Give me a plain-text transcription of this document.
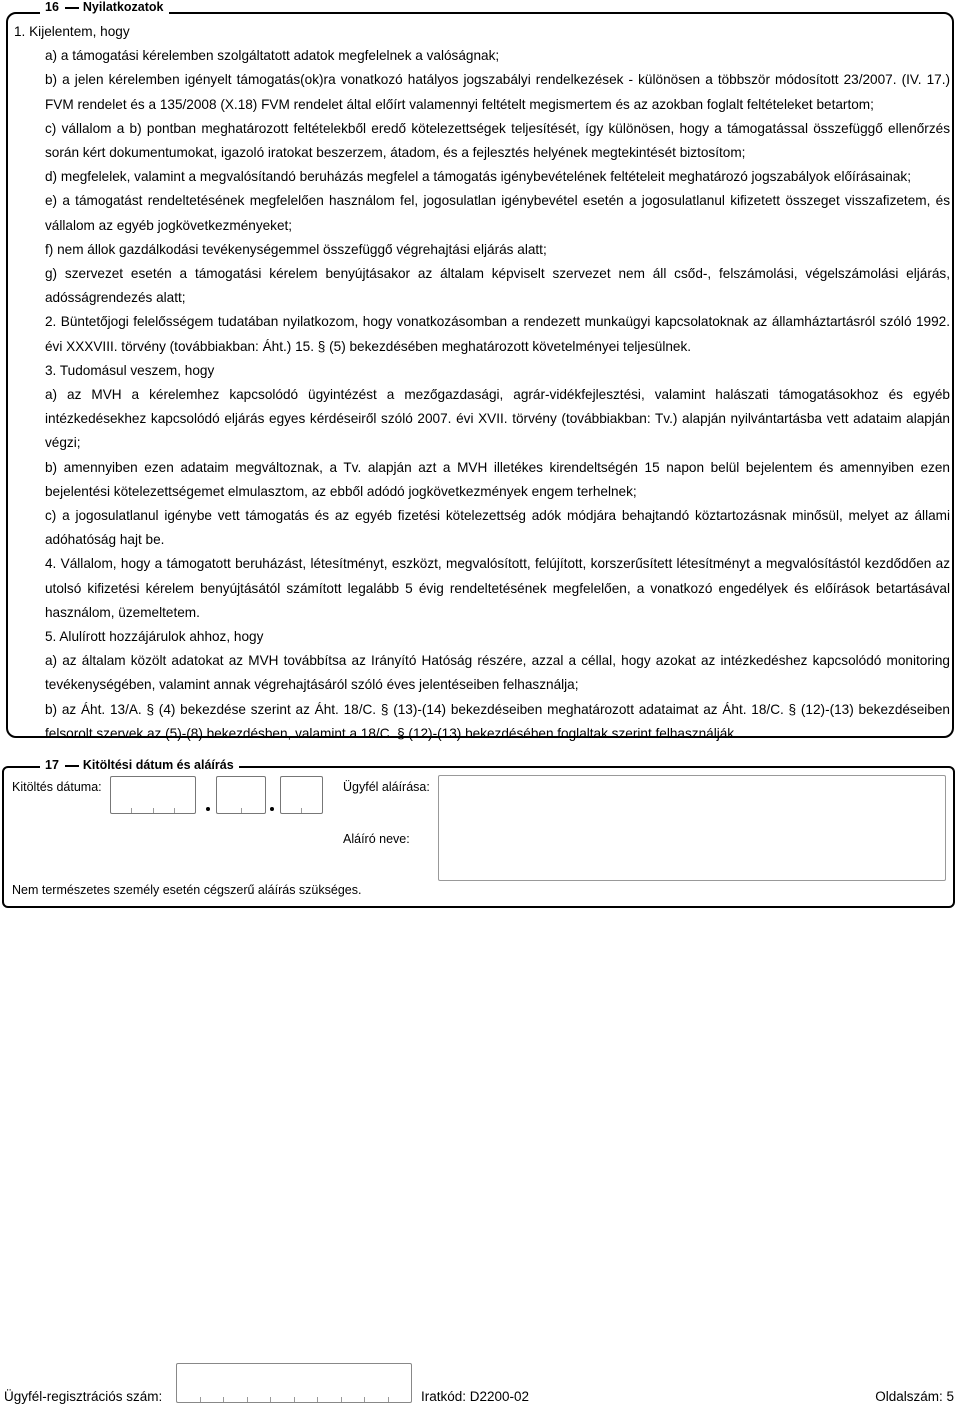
16 Nyilatkozatok

1. Kijelentem, hogy

a) a támogatási kérelemben szolgáltatott adatok megfelelnek a valóságnak;

b) a jelen kérelemben igényelt támogatás(ok)ra vonatkozó hatályos jogszabályi rendelkezések - különösen a többször módosított 23/2007. (IV. 17.) FVM rendelet és a 135/2008 (X.18) FVM rendelet által előírt valamennyi feltételt megismertem és az azokban foglalt feltételeket betartom;

c) vállalom a b) pontban meghatározott feltételekből eredő kötelezettségek teljesítését, így különösen, hogy a támogatással összefüggő ellenőrzés során kért dokumentumokat, igazoló iratokat beszerzem, átadom, és a fejlesztés helyének megtekintését biztosítom;

d) megfelelek, valamint a megvalósítandó beruházás megfelel a támogatás igénybevételének feltételeit meghatározó jogszabályok előírásainak;

e) a támogatást rendeltetésének megfelelően használom fel, jogosulatlan igénybevétel esetén a jogosulatlanul kifizetett összeget visszafizetem, és vállalom az egyéb jogkövetkezményeket;

f) nem állok gazdálkodási tevékenységemmel összefüggő végrehajtási eljárás alatt;

g) szervezet esetén a támogatási kérelem benyújtásakor az általam képviselt szervezet nem áll csőd-, felszámolási, végelszámolási eljárás, adósságrendezés alatt;

2. Büntetőjogi felelősségem tudatában nyilatkozom, hogy vonatkozásomban a rendezett munkaügyi kapcsolatoknak az államháztartásról szóló 1992. évi XXXVIII. törvény (továbbiakban: Áht.) 15. § (5) bekezdésében meghatározott követelményei teljesülnek.

3. Tudomásul veszem, hogy

a) az MVH a kérelemhez kapcsolódó ügyintézést a mezőgazdasági, agrár-vidékfejlesztési, valamint halászati támogatásokhoz és egyéb intézkedésekhez kapcsolódó eljárás egyes kérdéseiről szóló 2007. évi XVII. törvény (továbbiakban: Tv.) alapján nyilvántartásba vett adataim alapján végzi;

b) amennyiben ezen adataim megváltoznak, a Tv. alapján azt a MVH illetékes kirendeltségén 15 napon belül bejelentem és amennyiben ezen bejelentési kötelezettségemet elmulasztom, az ebből adódó jogkövetkezmények engem terhelnek;

c) a jogosulatlanul igénybe vett támogatás és az egyéb fizetési kötelezettség adók módjára behajtandó köztartozásnak minősül, melyet az állami adóhatóság hajt be.

4. Vállalom, hogy a támogatott beruházást, létesítményt, eszközt, megvalósított, felújított, korszerűsített létesítményt a megvalósítástól kezdődően az utolsó kifizetési kérelem benyújtásától számított legalább 5 évig rendeltetésének megfelelően, a vonatkozó engedélyek és előírások betartásával használom, üzemeltetem.

5. Alulírott hozzájárulok ahhoz, hogy

a) az általam közölt adatokat az MVH továbbítsa az Irányító Hatóság részére, azzal a céllal, hogy azokat az intézkedéshez kapcsolódó monitoring tevékenységében, valamint annak végrehajtásáról szóló éves jelentéseiben felhasználja;

b) az Áht. 13/A. § (4) bekezdése szerint az Áht. 18/C. § (13)-(14) bekezdéseiben meghatározott adataimat az Áht. 18/C. § (12)-(13) bekezdéseiben felsorolt szervek az (5)-(8) bekezdésben, valamint a 18/C. § (12)-(13) bekezdésében foglaltak szerint felhasználják.

17 Kitöltési dátum és aláírás
Kitöltés dátuma:	Ügyfél aláírása:
Aláíró neve:
Nem természetes személy esetén cégszerű aláírás szükséges.
Ügyfél-regisztrációs szám:	Iratkód: D2200-02	Oldalszám: 5
